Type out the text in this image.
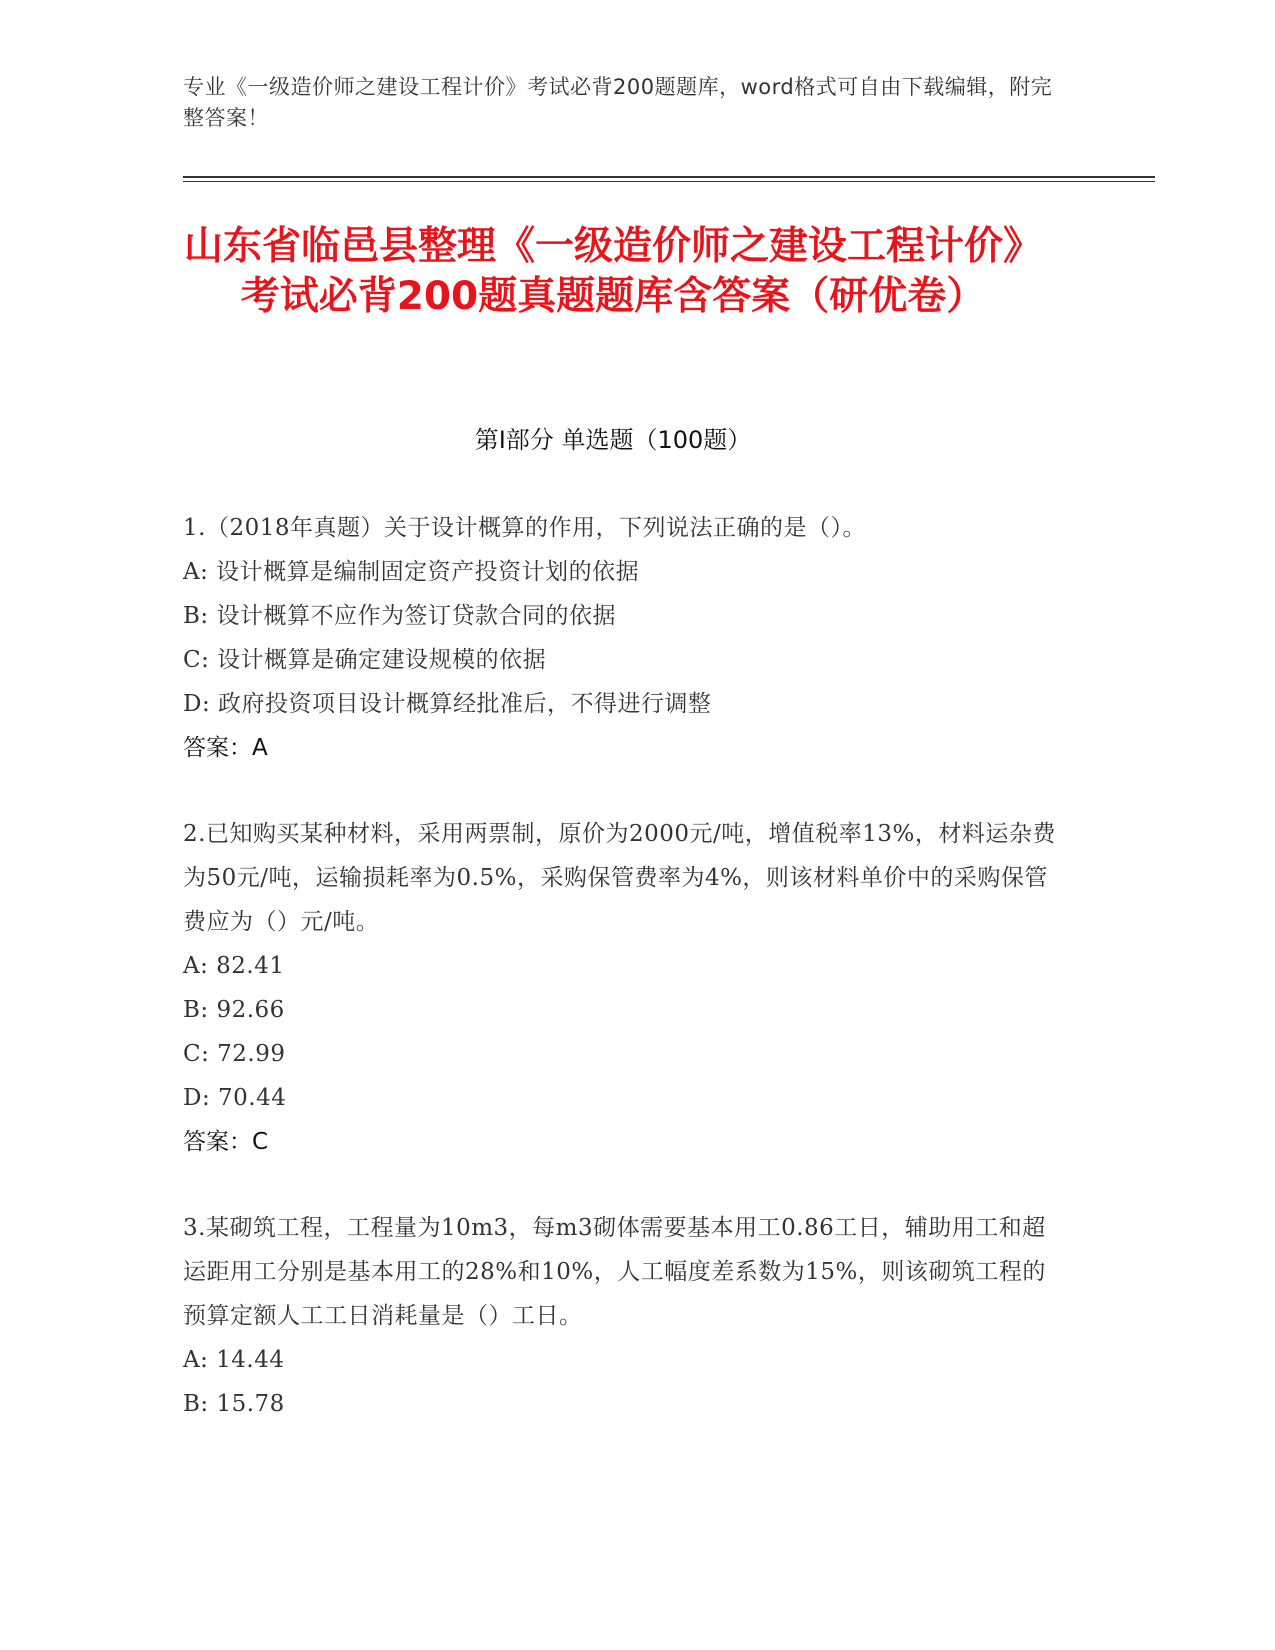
专业《一级造价师之建设工程计价》考试必背200题题库，word格式可自由下载编辑，附完整答案！
山东省临邑县整理《一级造价师之建设工程计价》考试必背200题真题题库含答案（研优卷）
第Ⅰ部分 单选题（100题）
1.（2018年真题）关于设计概算的作用，下列说法正确的是（）。
A: 设计概算是编制固定资产投资计划的依据
B: 设计概算不应作为签订贷款合同的依据
C: 设计概算是确定建设规模的依据
D: 政府投资项目设计概算经批准后，不得进行调整
答案：A
2.已知购买某种材料，采用两票制，原价为2000元/吨，增值税率13%，材料运杂费为50元/吨，运输损耗率为0.5%，采购保管费率为4%，则该材料单价中的采购保管费应为（）元/吨。
A: 82.41
B: 92.66
C: 72.99
D: 70.44
答案：C
3.某砌筑工程，工程量为10m3，每m3砌体需要基本用工0.86工日，辅助用工和超运距用工分别是基本用工的28%和10%，人工幅度差系数为15%，则该砌筑工程的预算定额人工工日消耗量是（）工日。
A: 14.44
B: 15.78
